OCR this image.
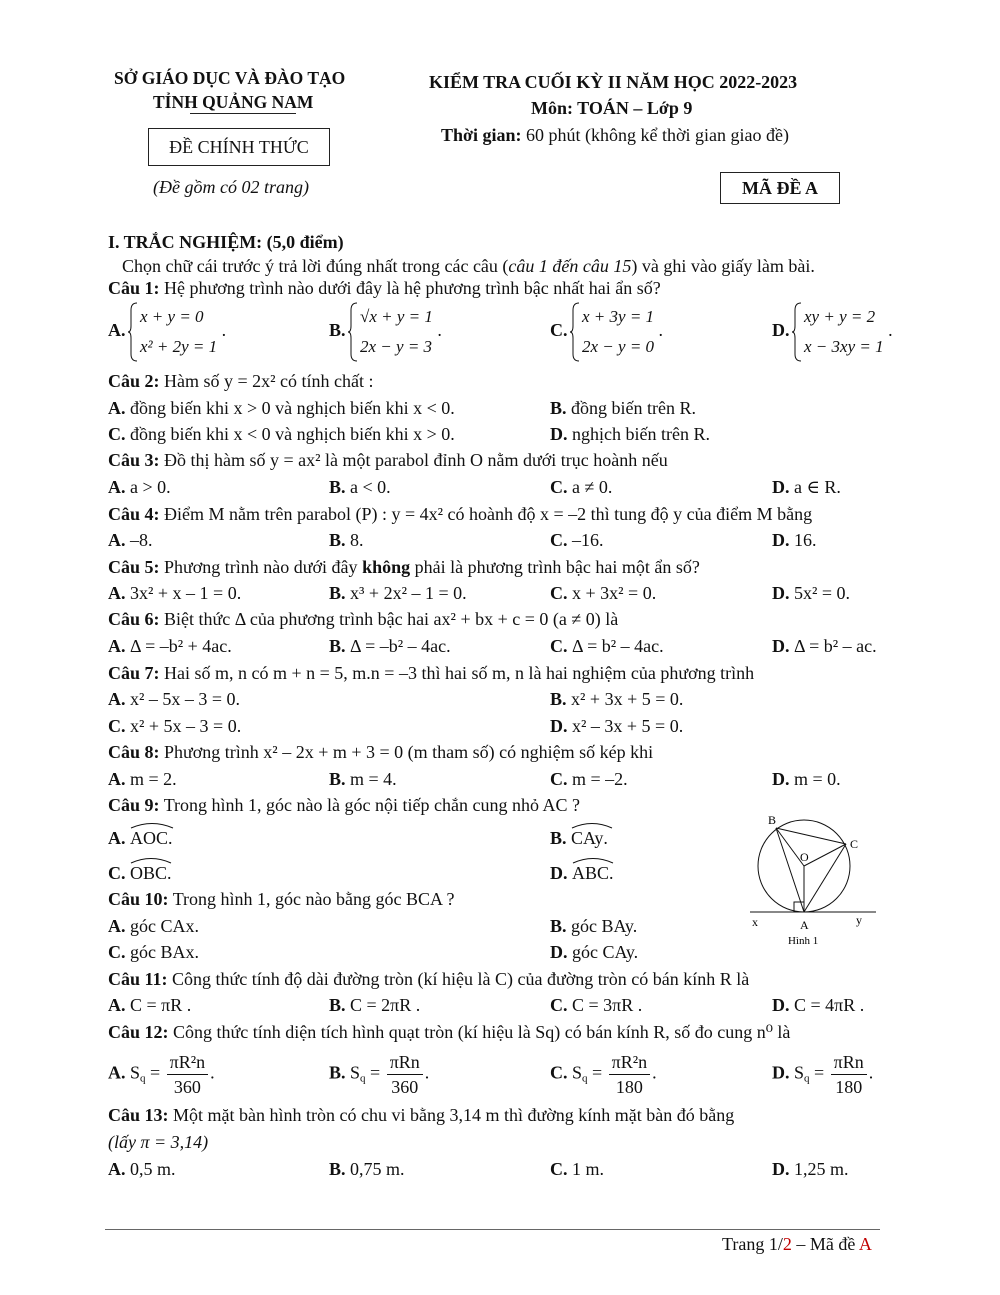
SỞ GIÁO DỤC VÀ ĐÀO TẠO
TỈNH QUẢNG NAM
ĐỀ CHÍNH THỨC
(Đề gồm có 02 trang)
KIỂM TRA CUỐI KỲ II NĂM HỌC 2022-2023
Môn: TOÁN – Lớp 9
Thời gian: 60 phút (không kể thời gian giao đề)
MÃ ĐỀ A
I. TRẮC NGHIỆM: (5,0 điểm)
Chọn chữ cái trước ý trả lời đúng nhất trong các câu (câu 1 đến câu 15) và ghi vào giấy làm bài.
Câu 1: Hệ phương trình nào dưới đây là hệ phương trình bậc nhất hai ẩn số?
A.
x + y = 0
x² + 2y = 1
.	B.
√x + y = 1
2x − y = 3
.	C.
x + 3y = 1
2x − y = 0
.	D.
xy + y = 2
x − 3xy = 1
.
Câu 2: Hàm số y = 2x² có tính chất :
A. đồng biến khi x > 0 và nghịch biến khi x < 0.	B. đồng biến trên R.
C. đồng biến khi x < 0 và nghịch biến khi x > 0.	D. nghịch biến trên R.
Câu 3: Đồ thị hàm số y = ax² là một parabol đỉnh O nằm dưới trục hoành nếu
A. a > 0.	B. a < 0.	C. a ≠ 0.	D. a ∈ R.
Câu 4: Điểm M nằm trên parabol (P) : y = 4x² có hoành độ x = –2 thì tung độ y của điểm M bằng
A. –8.	B. 8.	C. –16.	D. 16.
Câu 5: Phương trình nào dưới đây không phải là phương trình bậc hai một ẩn số?
A. 3x² + x – 1 = 0.	B. x³ + 2x² – 1 = 0.	C. x + 3x² = 0.	D. 5x² = 0.
Câu 6: Biệt thức Δ của phương trình bậc hai ax² + bx + c = 0 (a ≠ 0) là
A. Δ = –b² + 4ac.	B. Δ = –b² – 4ac.	C. Δ = b² – 4ac.	D. Δ = b² – ac.
Câu 7: Hai số m, n có m + n = 5, m.n = –3 thì hai số m, n là hai nghiệm của phương trình
A. x² – 5x – 3 = 0.	B. x² + 3x + 5 = 0.
C. x² + 5x – 3 = 0.	D. x² – 3x + 5 = 0.
Câu 8: Phương trình x² – 2x + m + 3 = 0 (m tham số) có nghiệm số kép khi
A. m = 2.	B. m = 4.	C. m = –2.	D. m = 0.
Câu 9: Trong hình 1, góc nào là góc nội tiếp chắn cung nhỏ AC ?
A. AOC.	B. CAy.
C. OBC.	D. ABC.
B
C
O
x	A	y
Hình 1
Câu 10: Trong hình 1, góc nào bằng góc BCA ?
A. góc CAx.	B. góc BAy.
C. góc BAx.	D. góc CAy.
Câu 11: Công thức tính độ dài đường tròn (kí hiệu là C) của đường tròn có bán kính R là
A. C = πR .	B. C = 2πR .	C. C = 3πR .	D. C = 4πR .
Câu 12: Công thức tính diện tích hình quạt tròn (kí hiệu là Sq) có bán kính R, số đo cung n⁰ là
A. $S_q = \frac{\text{πR²n}}{360}$ .	B. $S_q = \frac{\text{πRn}}{360}$ .	C. $S_q = \frac{\text{πR²n}}{180}$ .	D. $S_q = \frac{\text{πRn}}{180}$ .
Câu 13: Một mặt bàn hình tròn có chu vi bằng 3,14 m thì đường kính mặt bàn đó bằng
(lấy π = 3,14)
A. 0,5 m.	B. 0,75 m.	C. 1 m.	D. 1,25 m.
Trang 1/2 – Mã đề A
